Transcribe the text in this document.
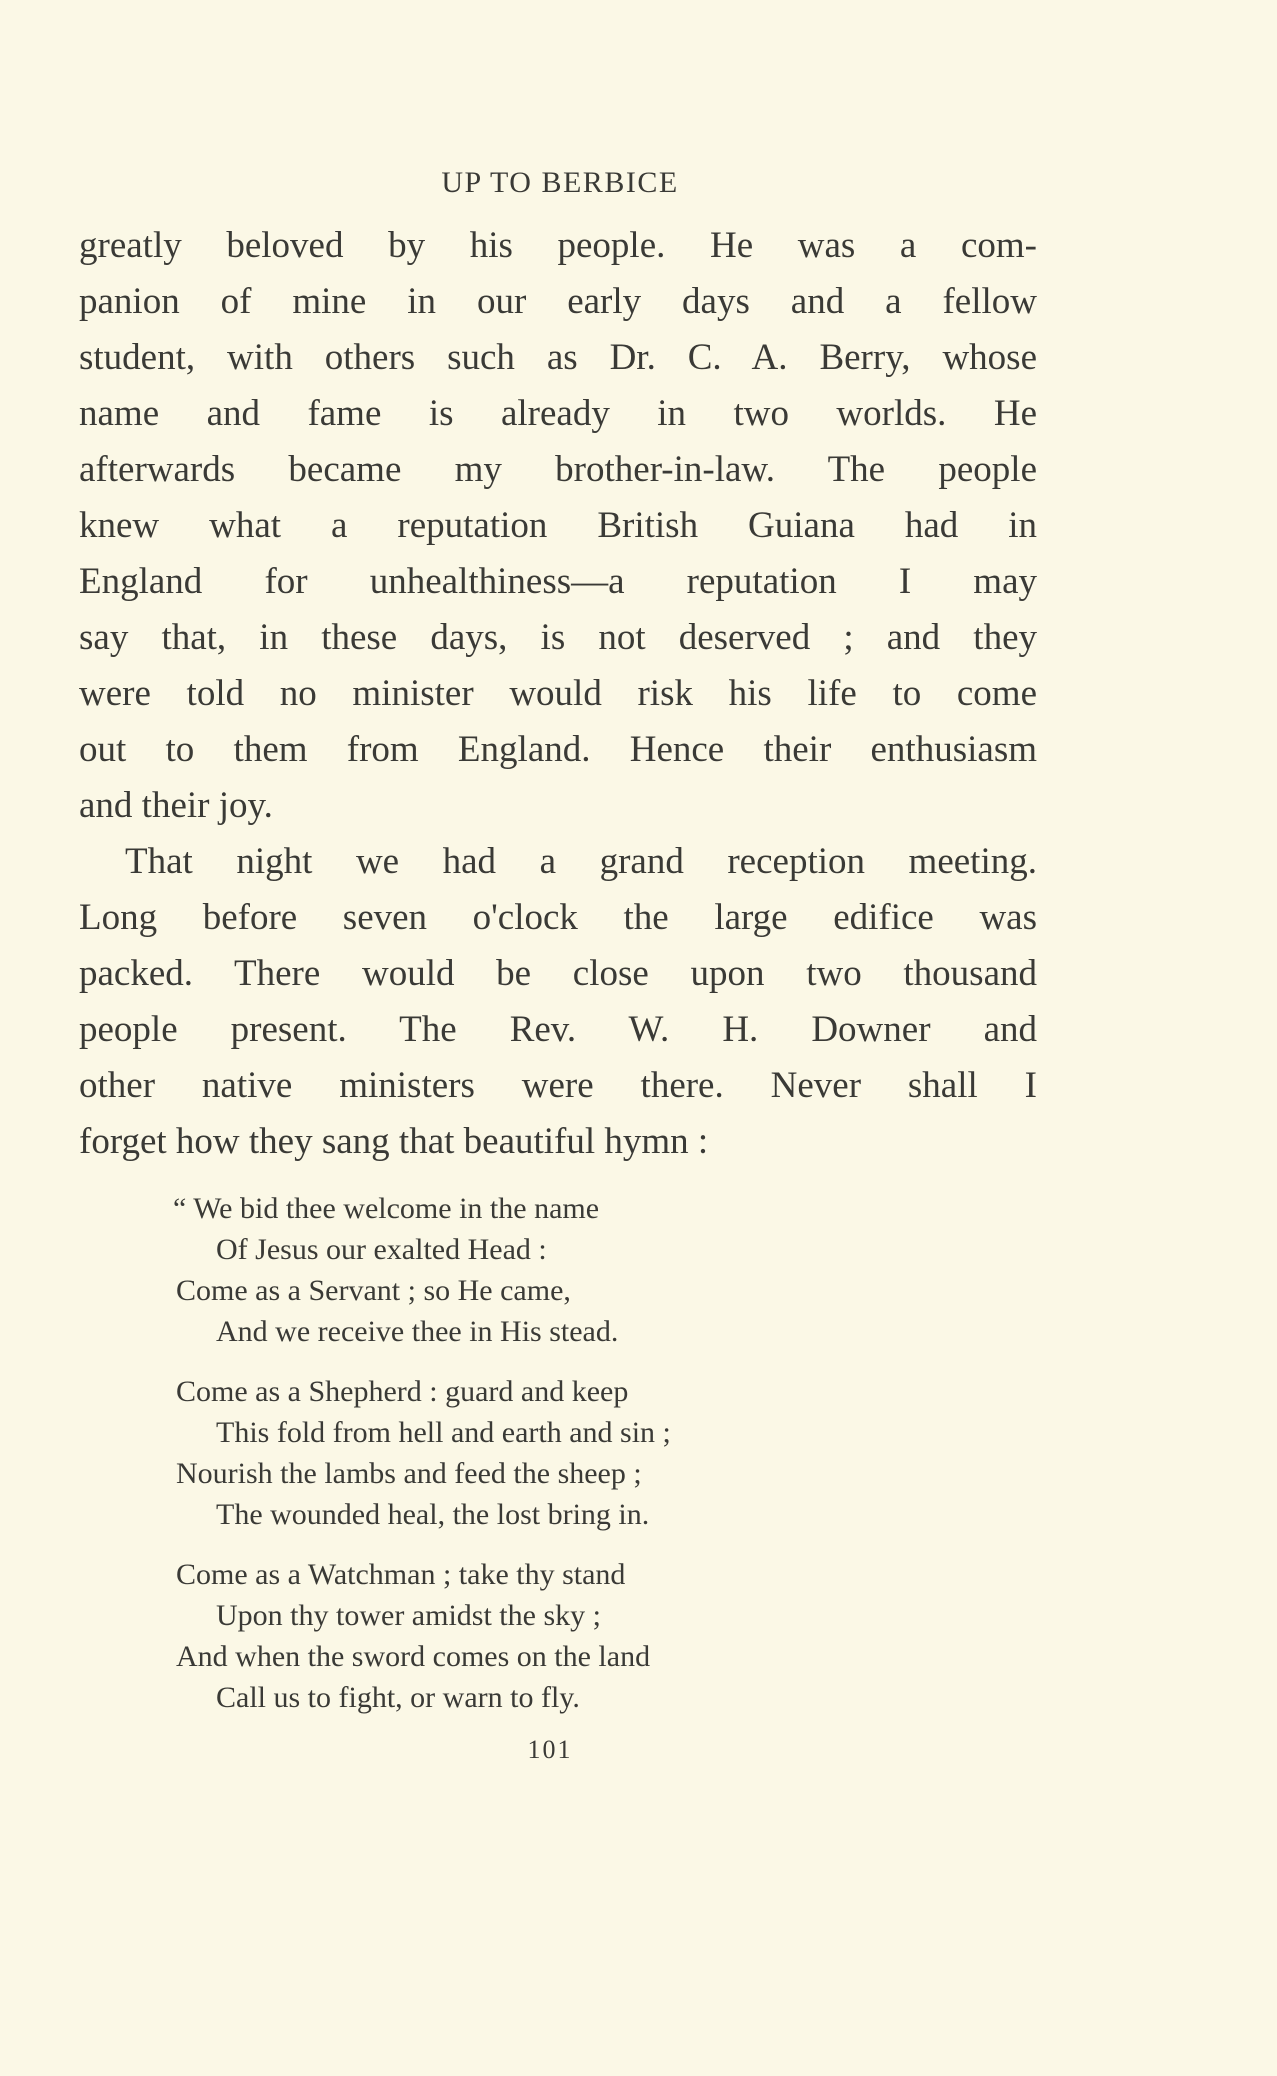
UP TO BERBICE
greatly beloved by his people. He was a com-
panion of mine in our early days and a fellow
student, with others such as Dr. C. A. Berry, whose
name and fame is already in two worlds. He
afterwards became my brother-in-law. The people
knew what a reputation British Guiana had in
England for unhealthiness—a reputation I may
say that, in these days, is not deserved ; and they
were told no minister would risk his life to come
out to them from England. Hence their enthusiasm
and their joy.
That night we had a grand reception meeting.
Long before seven o'clock the large edifice was
packed. There would be close upon two thousand
people present. The Rev. W. H. Downer and
other native ministers were there. Never shall I
forget how they sang that beautiful hymn :
“ We bid thee welcome in the name
Of Jesus our exalted Head :
Come as a Servant ; so He came,
And we receive thee in His stead.
Come as a Shepherd : guard and keep
This fold from hell and earth and sin ;
Nourish the lambs and feed the sheep ;
The wounded heal, the lost bring in.
Come as a Watchman ; take thy stand
Upon thy tower amidst the sky ;
And when the sword comes on the land
Call us to fight, or warn to fly.
101
